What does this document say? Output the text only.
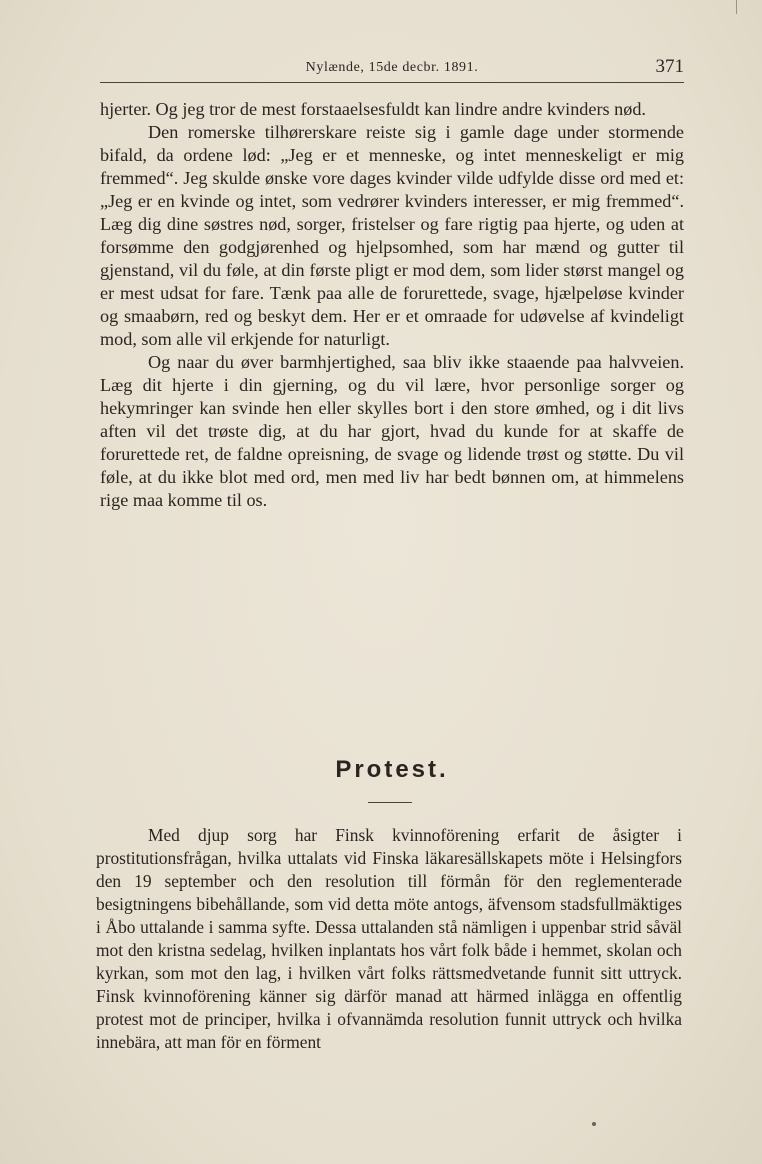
Nylænde, 15de decbr. 1891.	371

hjerter. Og jeg tror de mest forstaaelsesfuldt kan lindre andre kvinders nød.

Den romerske tilhørerskare reiste sig i gamle dage under stormende bifald, da ordene lød: „Jeg er et menneske, og intet menneskeligt er mig fremmed“. Jeg skulde ønske vore dages kvinder vilde udfylde disse ord med et: „Jeg er en kvinde og intet, som vedrører kvinders interesser, er mig fremmed“. Læg dig dine søstres nød, sorger, fristelser og fare rigtig paa hjerte, og uden at forsømme den godgjørenhed og hjelpsomhed, som har mænd og gutter til gjenstand, vil du føle, at din første pligt er mod dem, som lider størst mangel og er mest udsat for fare. Tænk paa alle de forurettede, svage, hjælpeløse kvinder og smaabørn, red og beskyt dem. Her er et omraade for udøvelse af kvindeligt mod, som alle vil erkjende for naturligt.

Og naar du øver barmhjertighed, saa bliv ikke staaende paa halvveien. Læg dit hjerte i din gjerning, og du vil lære, hvor personlige sorger og hekymringer kan svinde hen eller skylles bort i den store ømhed, og i dit livs aften vil det trøste dig, at du har gjort, hvad du kunde for at skaffe de forurettede ret, de faldne opreisning, de svage og lidende trøst og støtte. Du vil føle, at du ikke blot med ord, men med liv har bedt bønnen om, at himmelens rige maa komme til os.

Protest.

Med djup sorg har Finsk kvinnoförening erfarit de åsigter i prostitutionsfrågan, hvilka uttalats vid Finska läkaresällskapets möte i Helsingfors den 19 september och den resolution till förmån för den reglementerade besigtningens bibehållande, som vid detta möte antogs, äfvensom stadsfullmäktiges i Åbo uttalande i samma syfte. Dessa uttalanden stå nämligen i uppenbar strid såväl mot den kristna sedelag, hvilken inplantats hos vårt folk både i hemmet, skolan och kyrkan, som mot den lag, i hvilken vårt folks rättsmedvetande funnit sitt uttryck. Finsk kvinnoförening känner sig därför manad att härmed inlägga en offentlig protest mot de principer, hvilka i ofvannämda resolution funnit uttryck och hvilka innebära, att man för en förment
